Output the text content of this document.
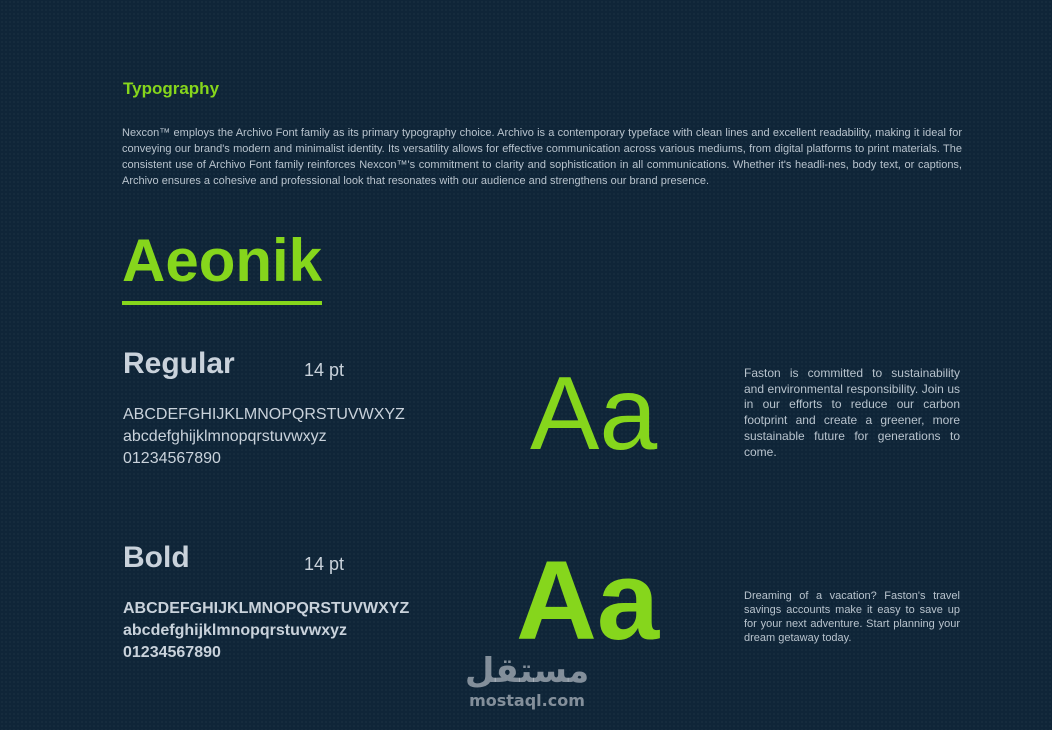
Typography

Nexcon™ employs the Archivo Font family as its primary typography choice. Archivo is a contemporary typeface with clean lines and excellent readability, making it ideal for conveying our brand's modern and minimalist identity. Its versatility allows for effective communication across various mediums, from digital platforms to print materials. The consistent use of Archivo Font family reinforces Nexcon™'s commitment to clarity and sophistication in all communications. Whether it's headli-nes, body text, or captions, Archivo ensures a cohesive and professional look that resonates with our audience and strengthens our brand presence.

Aeonik
Regular	14 pt
ABCDEFGHIJKLMNOPQRSTUVWXYZ
abcdefghijklmnopqrstuvwxyz
01234567890	Aa	Faston is committed to sustainability and environmental responsibility. Join us in our efforts to reduce our carbon footprint and create a greener, more sustainable future for generations to come.

Bold	14 pt
ABCDEFGHIJKLMNOPQRSTUVWXYZ
abcdefghijklmnopqrstuvwxyz
01234567890	Aa	Dreaming of a vacation? Faston's travel savings accounts make it easy to save up for your next adventure. Start planning your dream getaway today.

مستقل
mostaql.com
